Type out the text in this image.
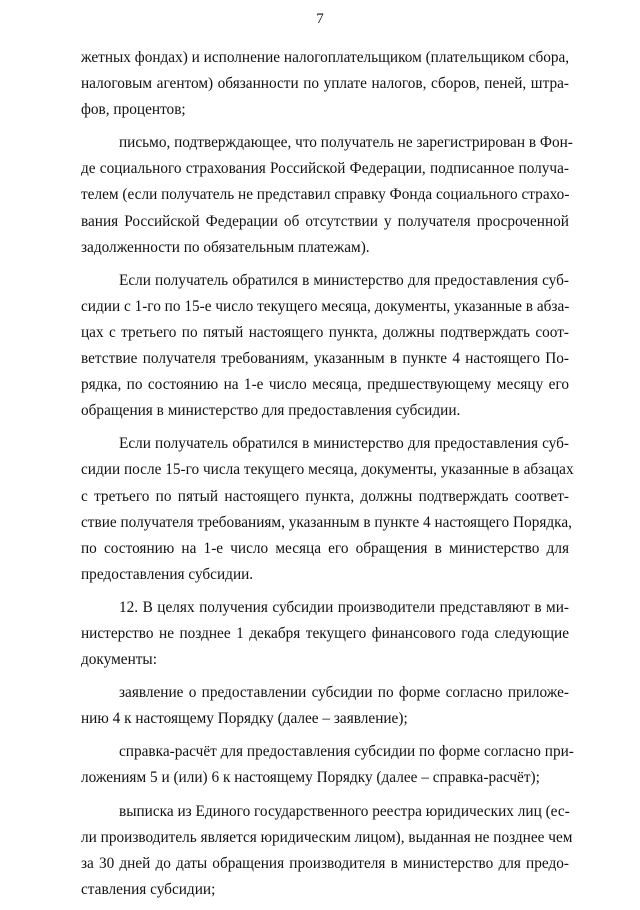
7

жетных фондах) и исполнение налогоплательщиком (плательщиком сбора,
налоговым агентом) обязанности по уплате налогов, сборов, пеней, штра-
фов, процентов;

письмо, подтверждающее, что получатель не зарегистрирован в Фон-
де социального страхования Российской Федерации, подписанное получа-
телем (если получатель не представил справку Фонда социального страхо-
вания Российской Федерации об отсутствии у получателя просроченной
задолженности по обязательным платежам).

Если получатель обратился в министерство для предоставления суб-
сидии с 1-го по 15-е число текущего месяца, документы, указанные в абза-
цах с третьего по пятый настоящего пункта, должны подтверждать соот-
ветствие получателя требованиям, указанным в пункте 4 настоящего По-
рядка, по состоянию на 1-е число месяца, предшествующему месяцу его
обращения в министерство для предоставления субсидии.

Если получатель обратился в министерство для предоставления суб-
сидии после 15-го числа текущего месяца, документы, указанные в абзацах
с третьего по пятый настоящего пункта, должны подтверждать соответ-
ствие получателя требованиям, указанным в пункте 4 настоящего Порядка,
по состоянию на 1-е число месяца его обращения в министерство для
предоставления субсидии.

12. В целях получения субсидии производители представляют в ми-
нистерство не позднее 1 декабря текущего финансового года следующие
документы:

заявление о предоставлении субсидии по форме согласно приложе-
нию 4 к настоящему Порядку (далее – заявление);

справка-расчёт для предоставления субсидии по форме согласно при-
ложениям 5 и (или) 6 к настоящему Порядку (далее – справка-расчёт);

выписка из Единого государственного реестра юридических лиц (ес-
ли производитель является юридическим лицом), выданная не позднее чем
за 30 дней до даты обращения производителя в министерство для предо-
ставления субсидии;
